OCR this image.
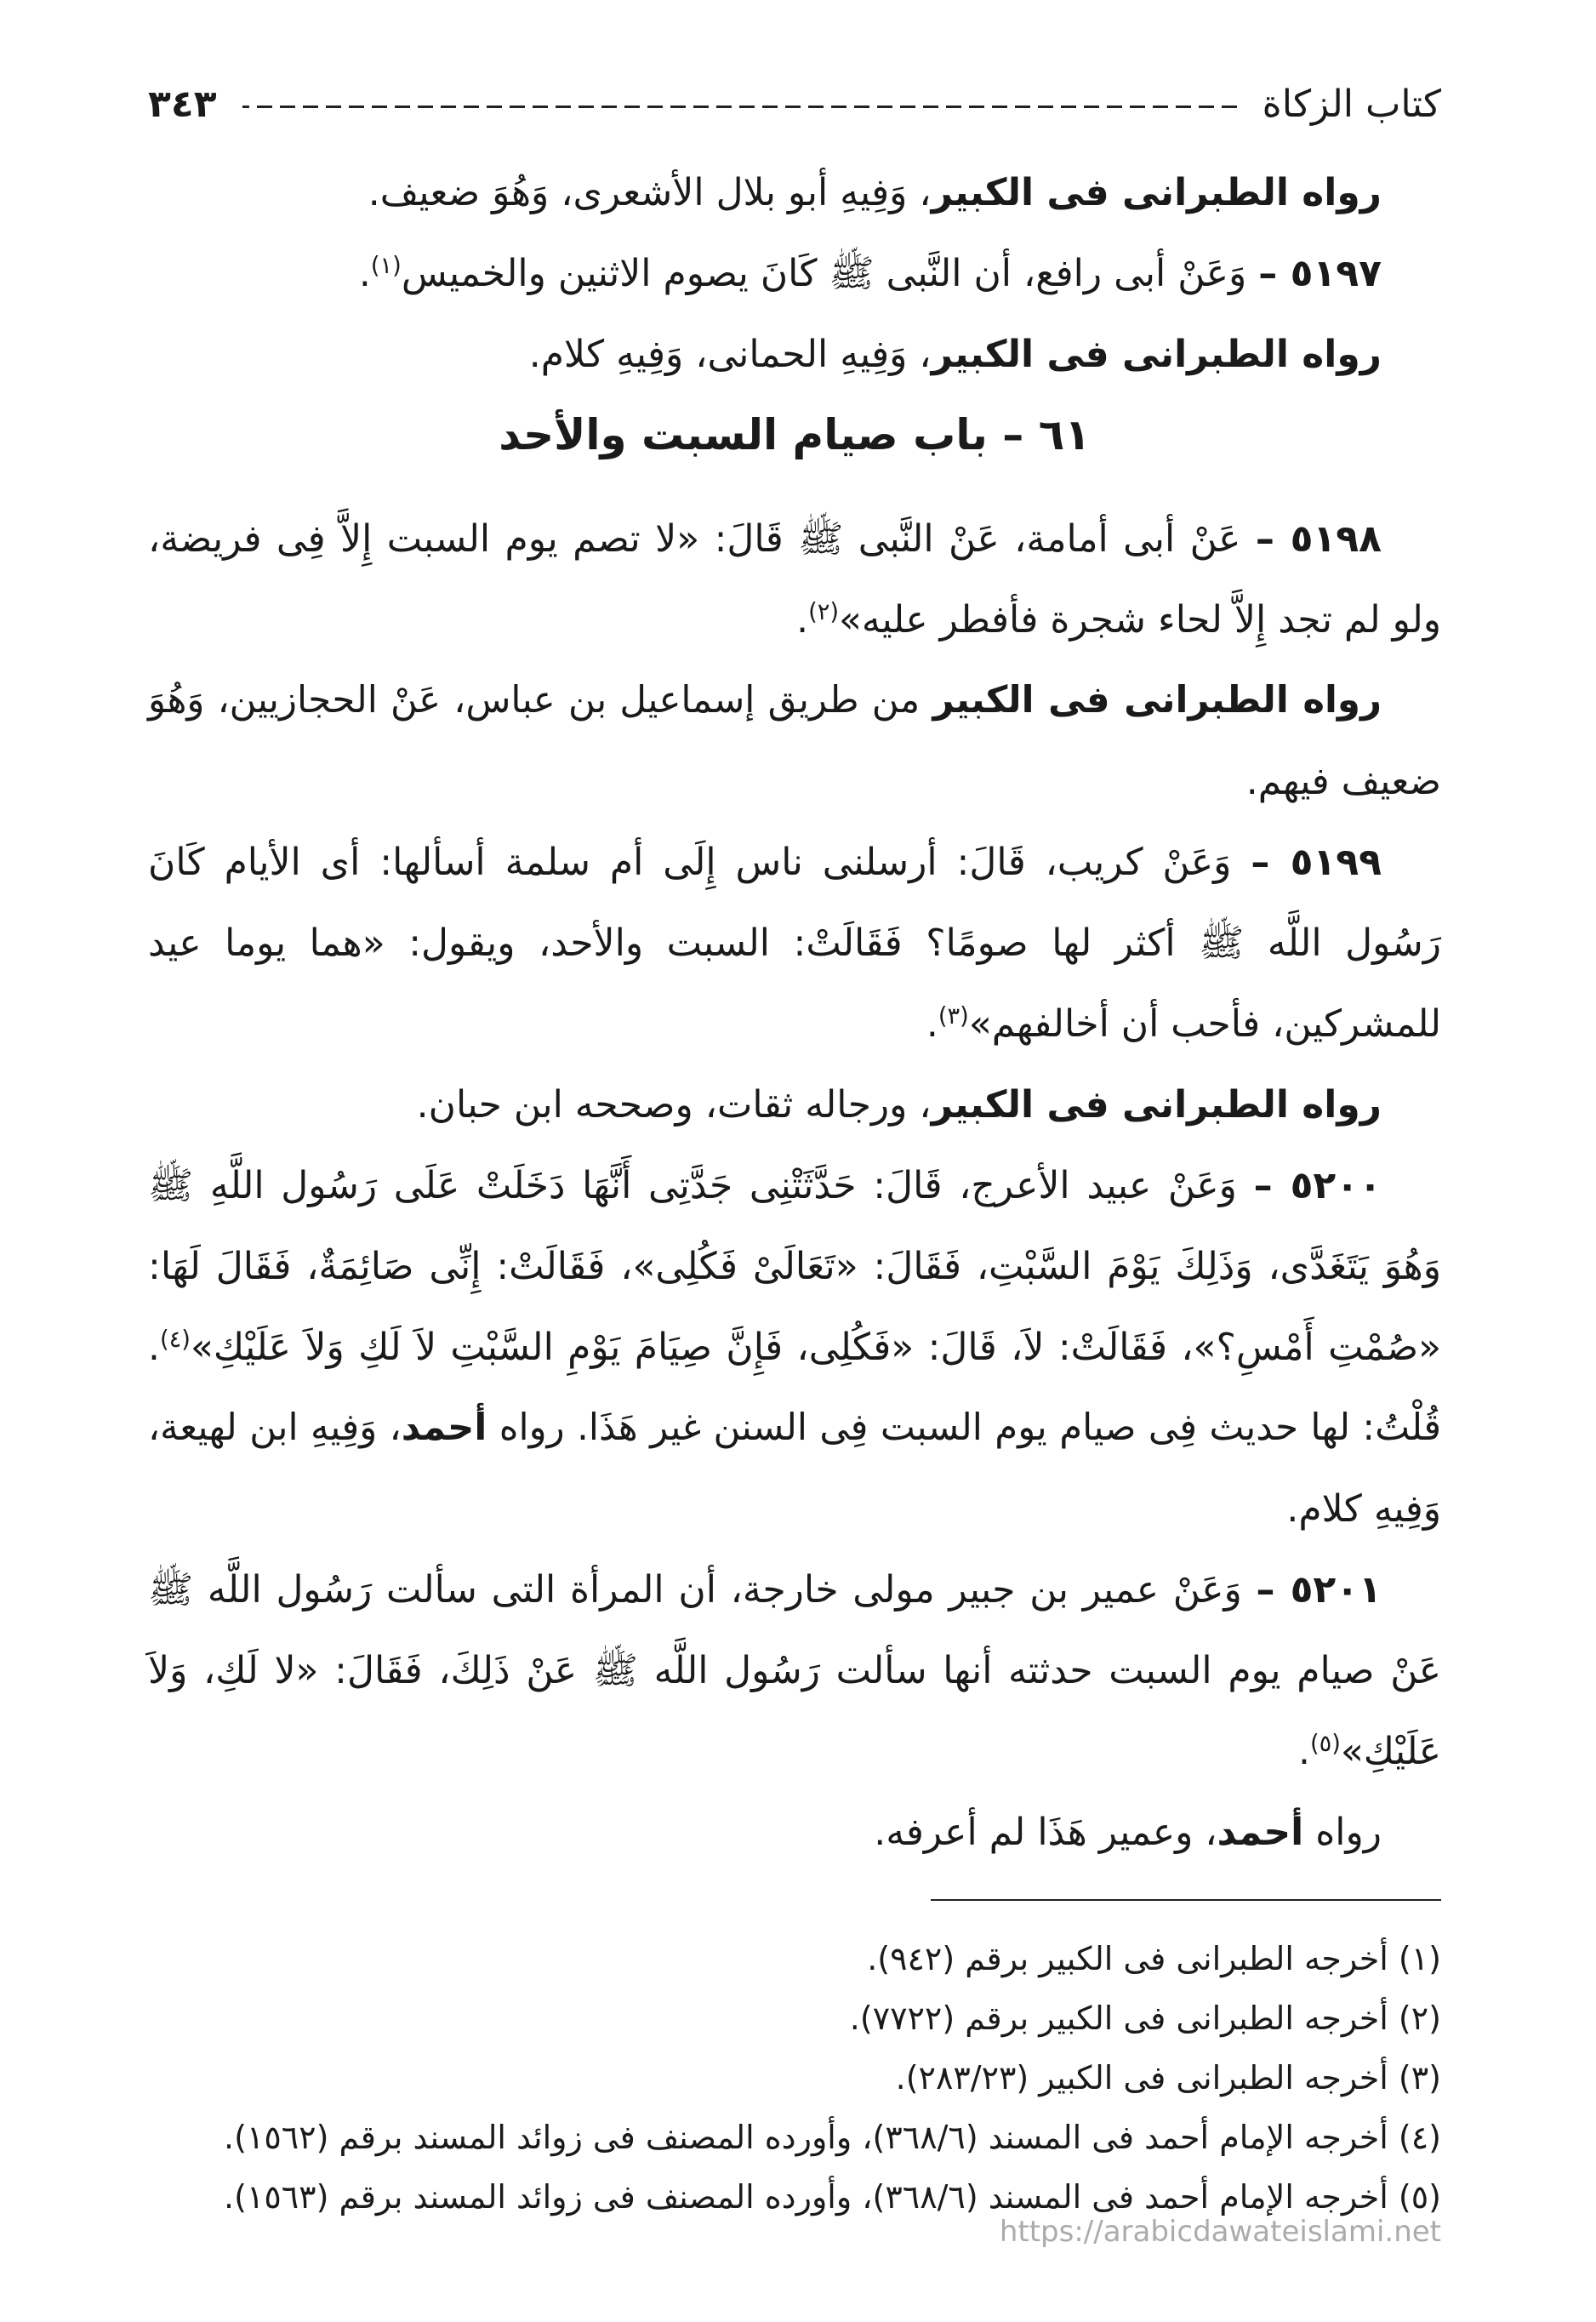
كتاب الزكاة
٣٤٣
رواه الطبرانى فى الكبير، وَفِيهِ أبو بلال الأشعرى، وَهُوَ ضعيف.
٥١٩٧ – وَعَنْ أبى رافع، أن النَّبى ﷺ كَانَ يصوم الاثنين والخميس$^{(١)}$.
رواه الطبرانى فى الكبير، وَفِيهِ الحمانى، وَفِيهِ كلام.
٦١ – باب صيام السبت والأحد
٥١٩٨ – عَنْ أبى أمامة، عَنْ النَّبى ﷺ قَالَ: «لا تصم يوم السبت إِلاَّ فِى فريضة،
ولو لم تجد إِلاَّ لحاء شجرة فأفطر عليه»$^{(٢)}$.
رواه الطبرانى فى الكبير من طريق إسماعيل بن عباس، عَنْ الحجازيين، وَهُوَ
ضعيف فيهم.
٥١٩٩ – وَعَنْ كريب، قَالَ: أرسلنى ناس إِلَى أم سلمة أسألها: أى الأيام كَانَ
رَسُول اللَّه ﷺ أكثر لها صومًا؟ فَقَالَتْ: السبت والأحد، ويقول: «هما يوما عيد
للمشركين، فأحب أن أخالفهم»$^{(٣)}$.
رواه الطبرانى فى الكبير، ورجاله ثقات، وصححه ابن حبان.
٥٢٠٠ – وَعَنْ عبيد الأعرج، قَالَ: حَدَّثَتْنِى جَدَّتِى أَنَّهَا دَخَلَتْ عَلَى رَسُول اللَّهِ ﷺ
وَهُوَ يَتَغَدَّى، وَذَلِكَ يَوْمَ السَّبْتِ، فَقَالَ: «تَعَالَىْ فَكُلِى»، فَقَالَتْ: إِنِّى صَائِمَةٌ، فَقَالَ لَهَا:
«صُمْتِ أَمْسِ؟»، فَقَالَتْ: لاَ، قَالَ: «فَكُلِى، فَإِنَّ صِيَامَ يَوْمِ السَّبْتِ لاَ لَكِ وَلاَ عَلَيْكِ»$^{(٤)}$.
قُلْتُ: لها حديث فِى صيام يوم السبت فِى السنن غير هَذَا. رواه أحمد، وَفِيهِ ابن لهيعة،
وَفِيهِ كلام.
٥٢٠١ – وَعَنْ عمير بن جبير مولى خارجة، أن المرأة التى سألت رَسُول اللَّه ﷺ
عَنْ صيام يوم السبت حدثته أنها سألت رَسُول اللَّه ﷺ عَنْ ذَلِكَ، فَقَالَ: «لا لَكِ، وَلاَ
عَلَيْكِ»$^{(٥)}$.
رواه أحمد، وعمير هَذَا لم أعرفه.
(١) أخرجه الطبرانى فى الكبير برقم (٩٤٢).
(٢) أخرجه الطبرانى فى الكبير برقم (٧٧٢٢).
(٣) أخرجه الطبرانى فى الكبير (٢٨٣/٢٣).
(٤) أخرجه الإمام أحمد فى المسند (٣٦٨/٦)، وأورده المصنف فى زوائد المسند برقم (١٥٦٢).
(٥) أخرجه الإمام أحمد فى المسند (٣٦٨/٦)، وأورده المصنف فى زوائد المسند برقم (١٥٦٣).
https://arabicdawateislami.net
